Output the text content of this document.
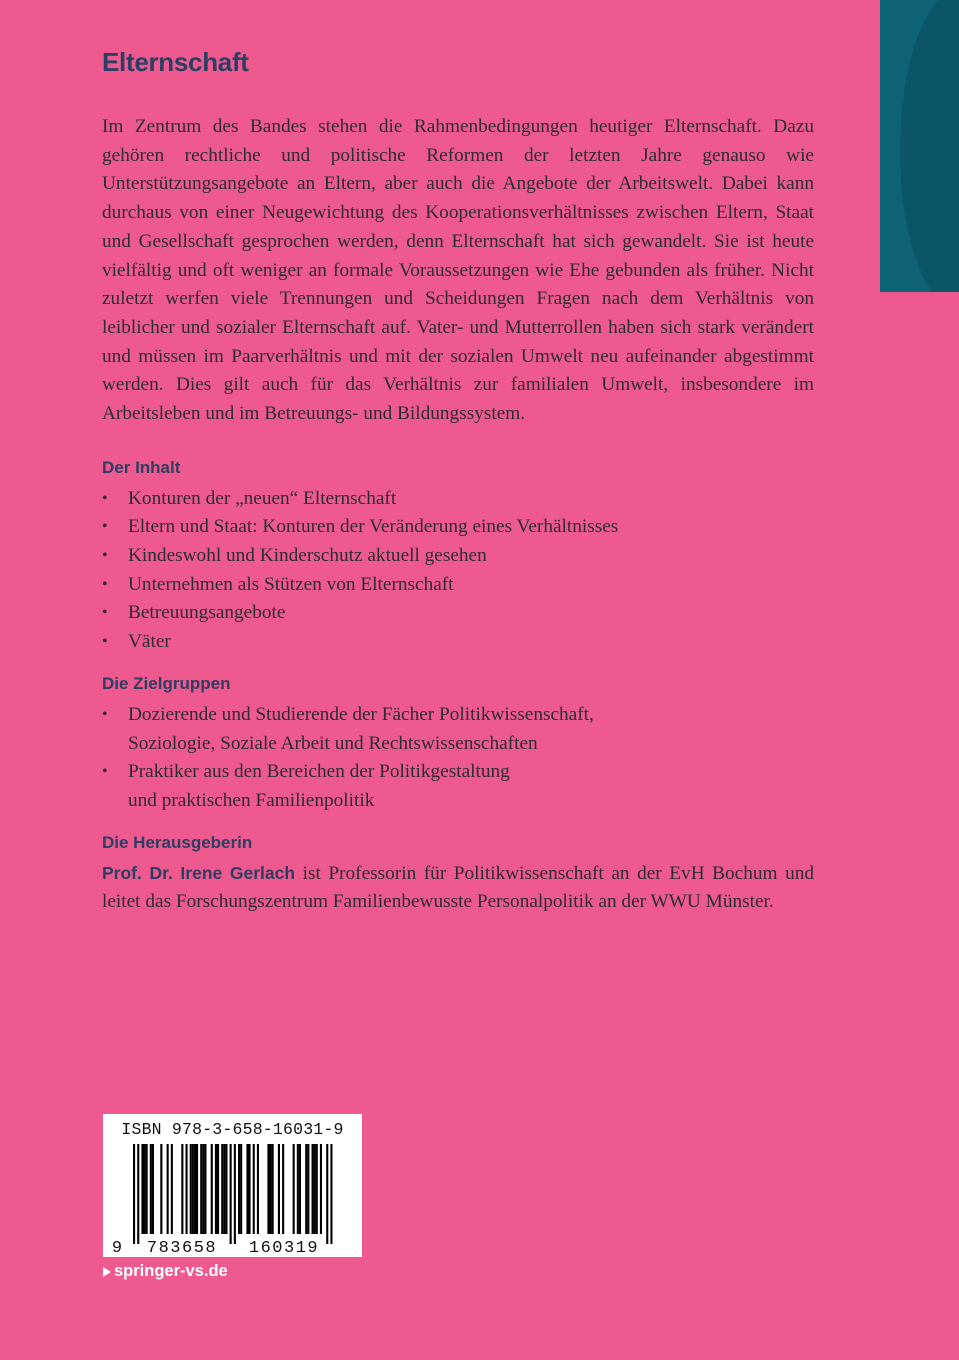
Elternschaft

Im Zentrum des Bandes stehen die Rahmenbedingungen heutiger Elternschaft. Dazu gehören rechtliche und politische Reformen der letzten Jahre genauso wie Unterstützungsangebote an Eltern, aber auch die Angebote der Arbeitswelt. Dabei kann durchaus von einer Neugewichtung des Kooperationsverhältnisses zwischen Eltern, Staat und Gesellschaft gesprochen werden, denn Elternschaft hat sich gewandelt. Sie ist heute vielfältig und oft weniger an formale Voraussetzungen wie Ehe gebunden als früher. Nicht zuletzt werfen viele Trennungen und Scheidungen Fragen nach dem Verhältnis von leiblicher und sozialer Elternschaft auf. Vater- und Mutterrollen haben sich stark verändert und müssen im Paarverhältnis und mit der sozialen Umwelt neu aufeinander abgestimmt werden. Dies gilt auch für das Verhältnis zur familialen Umwelt, insbesondere im Arbeitsleben und im Betreuungs- und Bildungssystem.

Der Inhalt
•	Konturen der „neuen“ Elternschaft
•	Eltern und Staat: Konturen der Veränderung eines Verhältnisses
•	Kindeswohl und Kinderschutz aktuell gesehen
•	Unternehmen als Stützen von Elternschaft
•	Betreuungsangebote
•	Väter
Die Zielgruppen
•	Dozierende und Studierende der Fächer Politikwissenschaft,
Soziologie, Soziale Arbeit und Rechtswissenschaften
•	Praktiker aus den Bereichen der Politikgestaltung
und praktischen Familienpolitik
Die Herausgeberin

Prof. Dr. Irene Gerlach ist Professorin für Politikwissenschaft an der EvH Bochum und leitet das Forschungszentrum Familienbewusste Personalpolitik an der WWU Münster.

ISBN 978-3-658-16031-9
9 783658 160319
springer-vs.de
